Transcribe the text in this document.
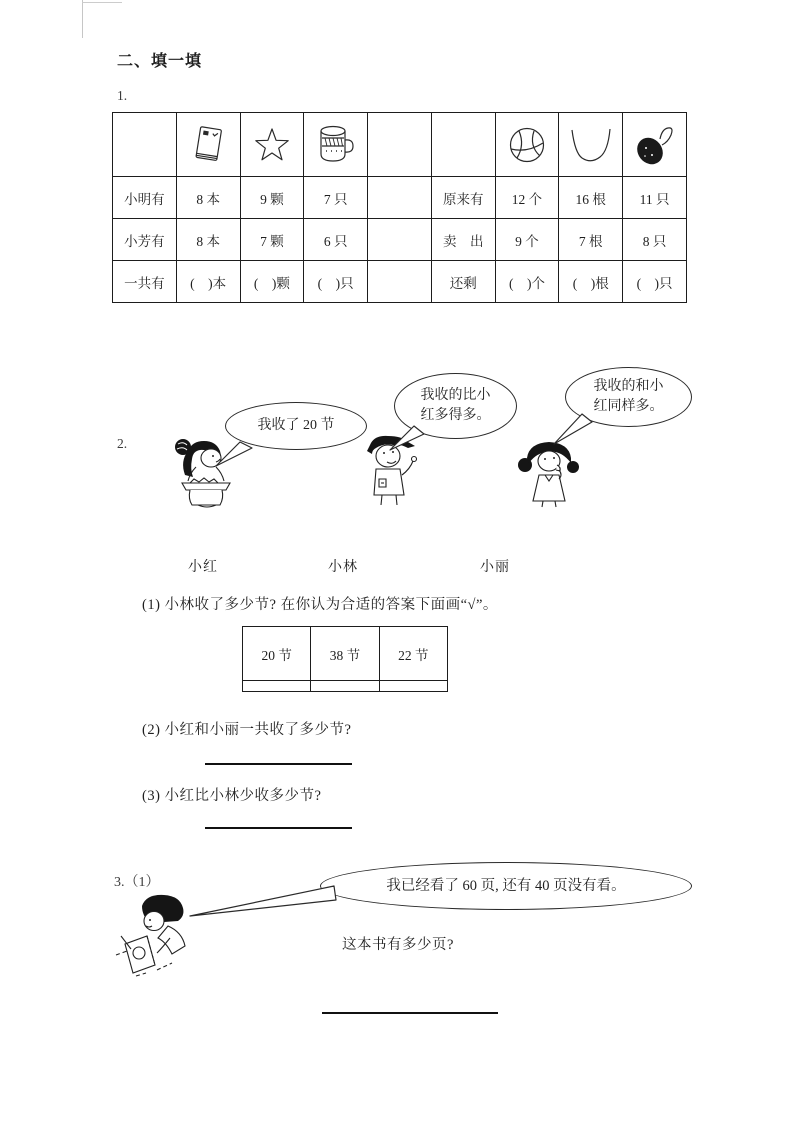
二、填一填
1.

小明有	8 本	9 颗	7 只		原来有	12 个	16 根	11 只
小芳有	8 本	7 颗	6 只		卖　出	9 个	7 根	8 只
一共有	(　)本	(　)颗	(　)只		还剩	(　)个	(　)根	(　)只
2.
我收了 20 节
我收的比小
红多得多。
我收的和小
红同样多。
小红	小林	小丽
(1) 小林收了多少节? 在你认为合适的答案下面画“√”。
20 节	38 节	22 节

(2) 小红和小丽一共收了多少节?
(3) 小红比小林少收多少节?
3.（1）	我已经看了 60 页, 还有 40 页没有看。
这本书有多少页?
